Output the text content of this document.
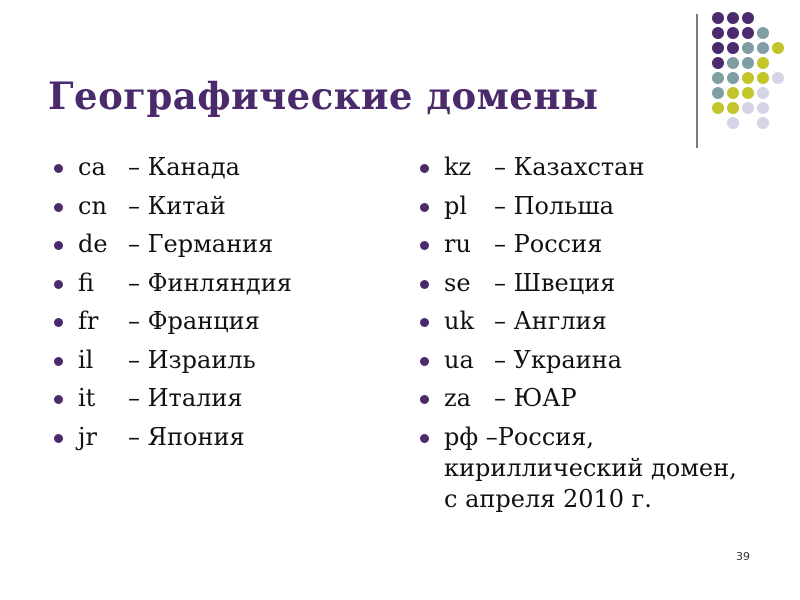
Географические домены
ca – Канада
cn – Китай
de – Германия
fi – Финляндия
fr – Франция
il – Израиль
it – Италия
jr – Япония
kz – Казахстан
pl – Польша
ru – Россия
se – Швеция
uk – Англия
ua – Украина
za – ЮАР
рф –Россия, кириллический домен, с апреля 2010 г.
39
